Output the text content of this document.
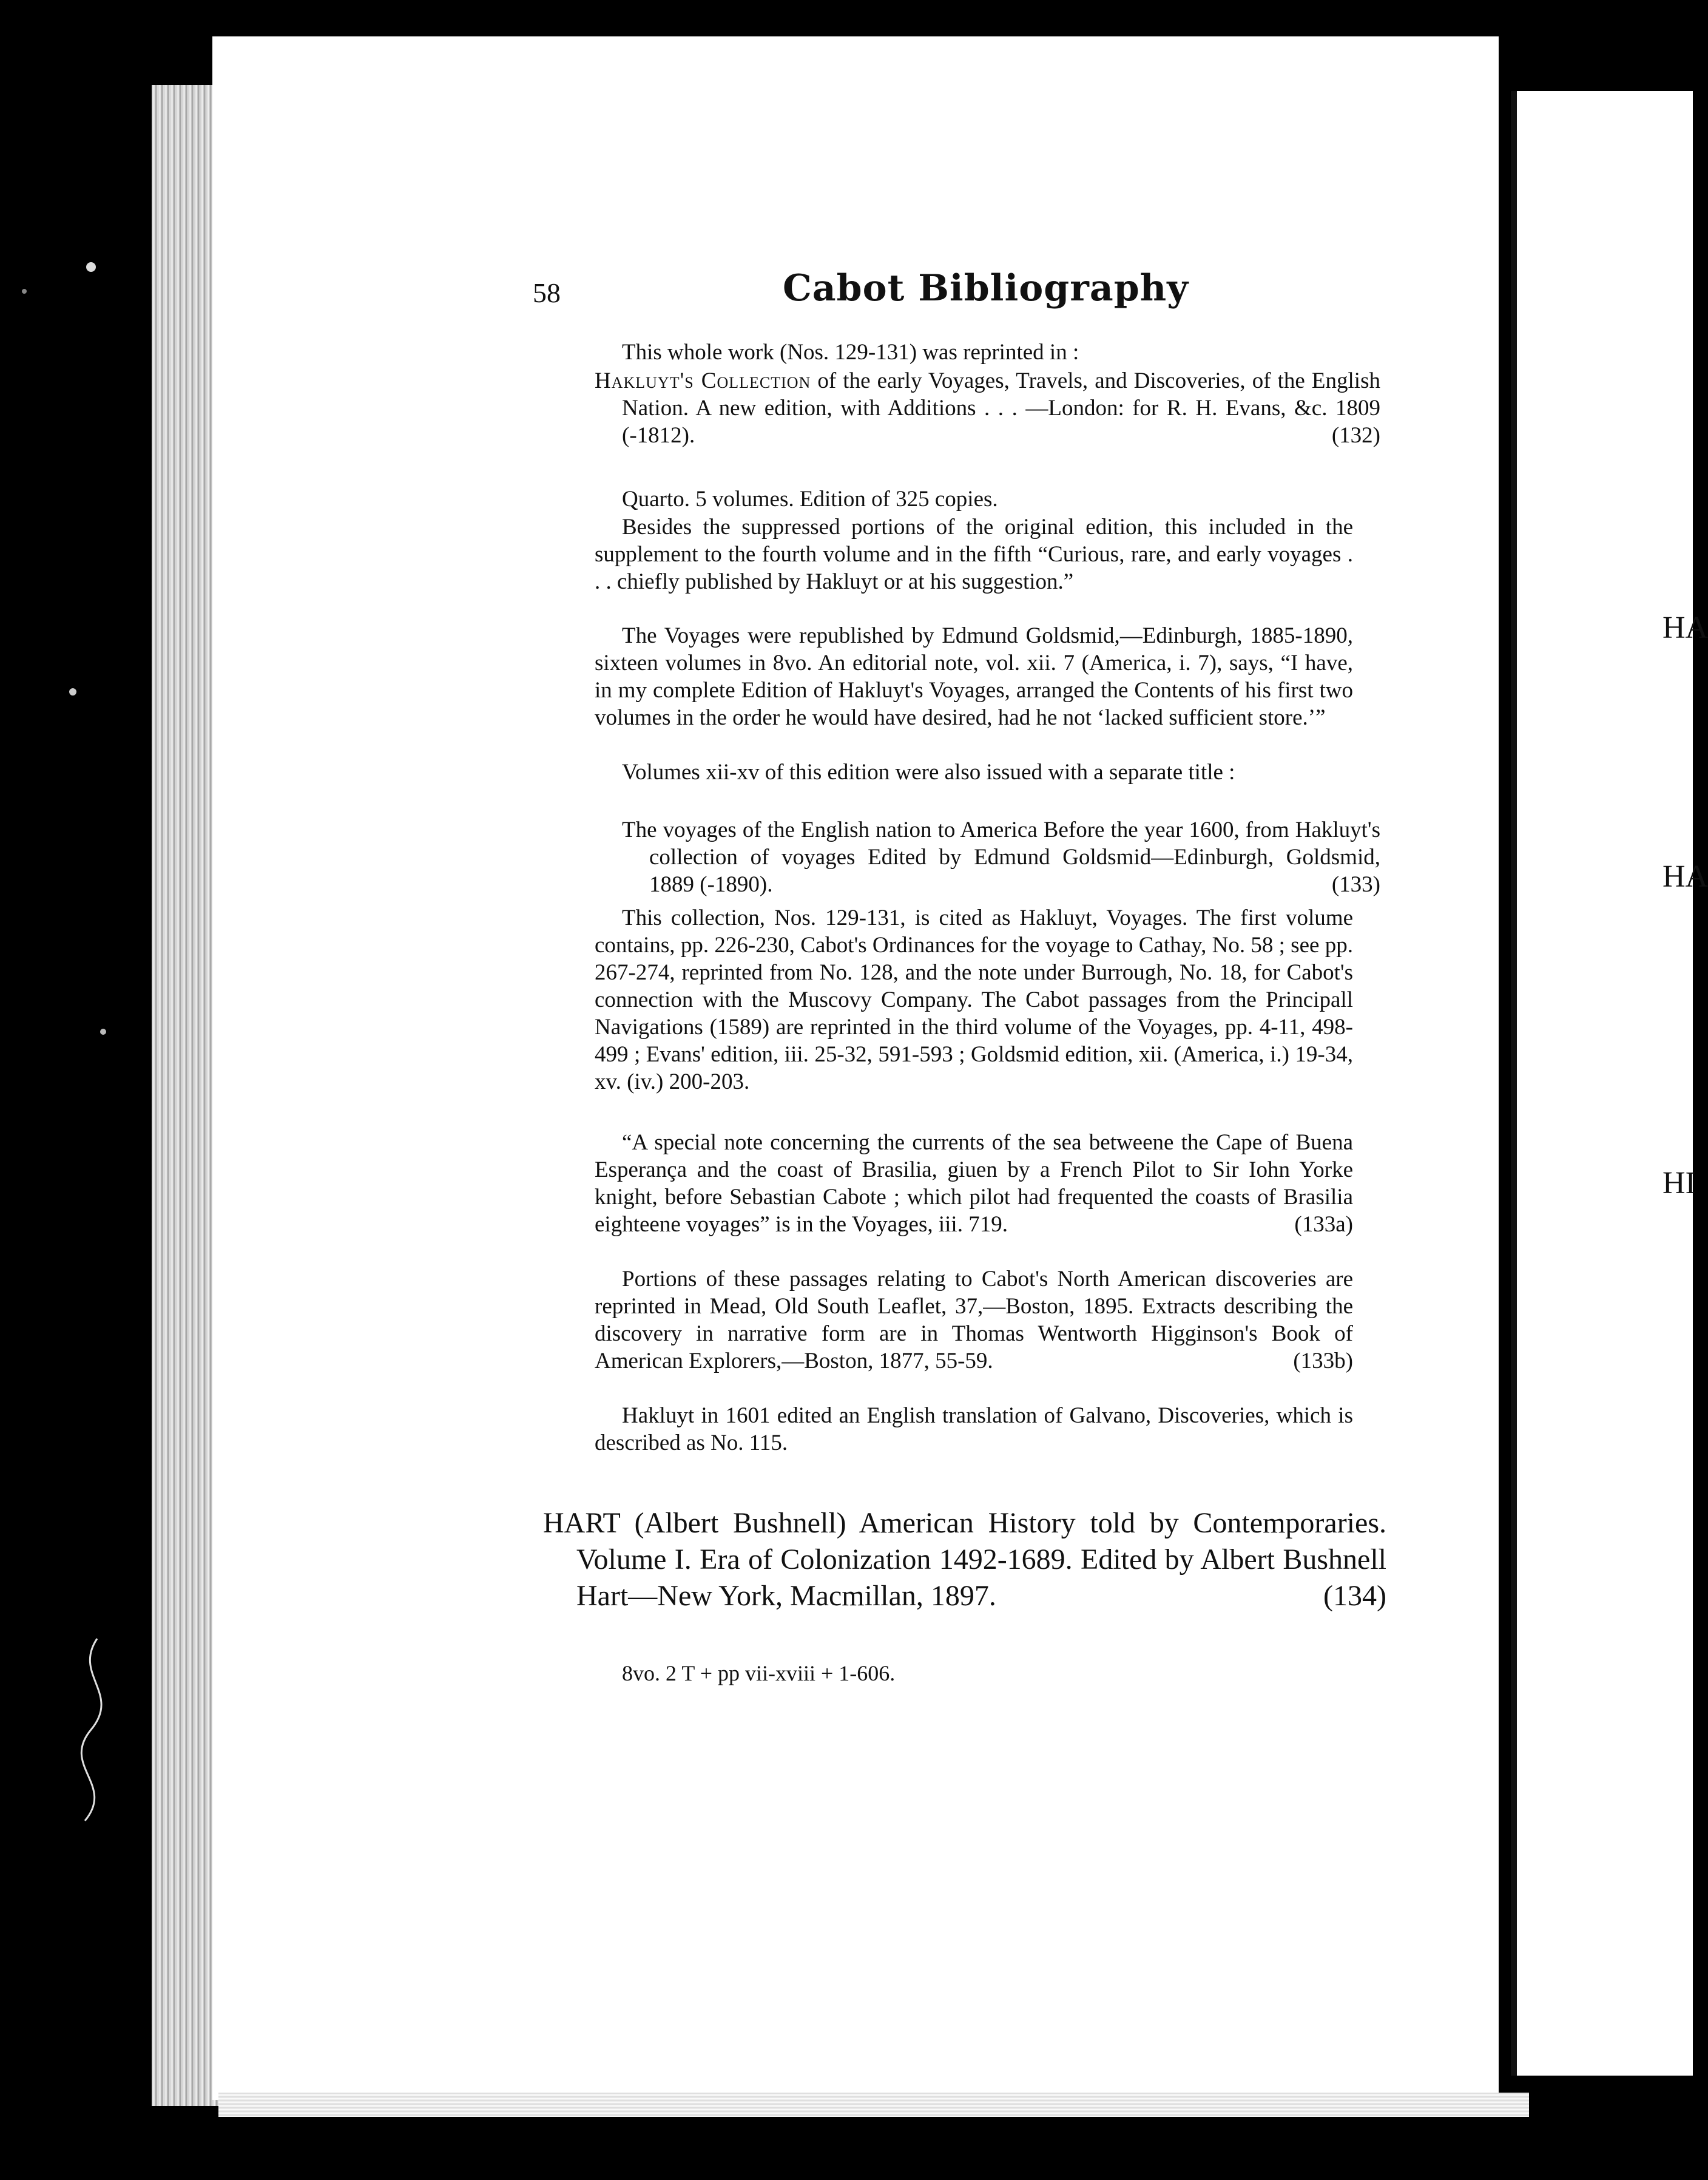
HA
HA
HI
58	Cabot Bibliography
This whole work (Nos. 129-131) was reprinted in :
Hakluyt's Collection of the early Voyages, Travels, and Discoveries, of the English Nation. A new edition, with Additions . . . —London: for R. H. Evans, &c. 1809 (-1812).	(132)
Quarto. 5 volumes. Edition of 325 copies.
Besides the suppressed portions of the original edition, this included in the supplement to the fourth volume and in the fifth “Curious, rare, and early voyages . . . chiefly published by Hakluyt or at his suggestion.”
The Voyages were republished by Edmund Goldsmid,—Edinburgh, 1885-1890, sixteen volumes in 8vo. An editorial note, vol. xii. 7 (America, i. 7), says, “I have, in my complete Edition of Hakluyt's Voyages, arranged the Contents of his first two volumes in the order he would have desired, had he not ‘lacked sufficient store.’”
Volumes xii-xv of this edition were also issued with a separate title :
The voyages of the English nation to America Before the year 1600, from Hakluyt's collection of voyages Edited by Edmund Goldsmid—Edinburgh, Goldsmid, 1889 (-1890).	(133)
This collection, Nos. 129-131, is cited as Hakluyt, Voyages. The first volume contains, pp. 226-230, Cabot's Ordinances for the voyage to Cathay, No. 58 ; see pp. 267-274, reprinted from No. 128, and the note under Burrough, No. 18, for Cabot's connection with the Muscovy Company. The Cabot passages from the Principall Navigations (1589) are reprinted in the third volume of the Voyages, pp. 4-11, 498-499 ; Evans' edition, iii. 25-32, 591-593 ; Goldsmid edition, xii. (America, i.) 19-34, xv. (iv.) 200-203.
“A special note concerning the currents of the sea betweene the Cape of Buena Esperança and the coast of Brasilia, giuen by a French Pilot to Sir Iohn Yorke knight, before Sebastian Cabote ; which pilot had frequented the coasts of Brasilia eighteene voyages” is in the Voyages, iii. 719.	(133a)
Portions of these passages relating to Cabot's North American discoveries are reprinted in Mead, Old South Leaflet, 37,—Boston, 1895. Extracts describing the discovery in narrative form are in Thomas Wentworth Higginson's Book of American Explorers,—Boston, 1877, 55-59.	(133b)
Hakluyt in 1601 edited an English translation of Galvano, Discoveries, which is described as No. 115.
HART (Albert Bushnell) American History told by Contemporaries. Volume I. Era of Colonization 1492-1689. Edited by Albert Bushnell Hart—New York, Macmillan, 1897.	(134)
8vo. 2 T + pp vii-xviii + 1-606.
